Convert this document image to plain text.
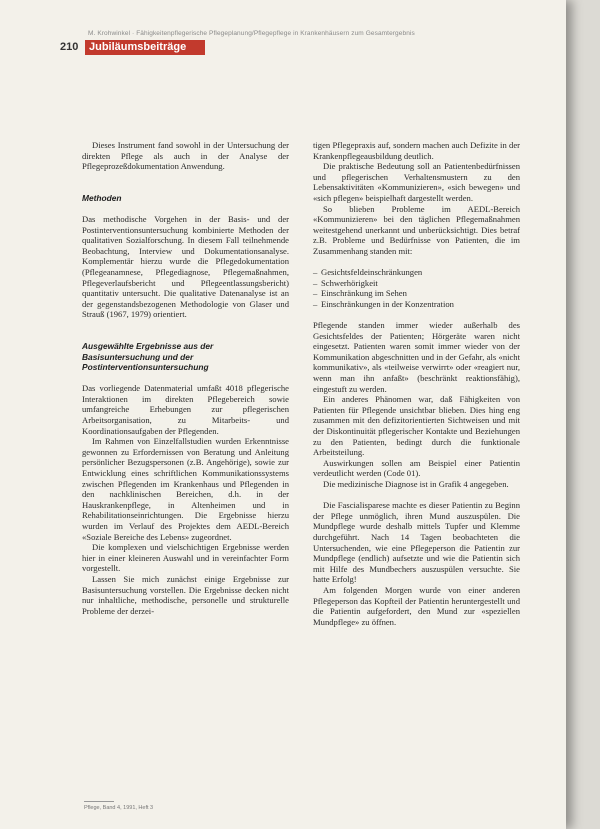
M. Krohwinkel · Fähigkeitenpflegerische Pflegeplanung/Pflegepflege in Krankenhäusern zum Gesamtergebnis
210 Jubiläumsbeiträge

Dieses Instrument fand sowohl in der Untersuchung der direkten Pflege als auch in der Analyse der Pflegeprozeßdokumentation Anwendung.

Methoden

Das methodische Vorgehen in der Basis- und der Postinterventionsuntersuchung kombinierte Methoden der qualitativen Sozialforschung. In diesem Fall teilnehmende Beobachtung, Interview und Dokumentationsanalyse. Komplementär hierzu wurde die Pflegedokumentation (Pflegeanamnese, Pflegediagnose, Pflegemaßnahmen, Pflegeverlaufsbericht und Pflegeentlassungsbericht) quantitativ untersucht. Die qualitative Datenanalyse ist an der gegenstandsbezogenen Methodologie von Glaser und Strauß (1967, 1979) orientiert.

Ausgewählte Ergebnisse aus der Basisuntersuchung und der Postinterventionsuntersuchung

Das vorliegende Datenmaterial umfaßt 4018 pflegerische Interaktionen im direkten Pflegebereich sowie umfangreiche Erhebungen zur pflegerischen Arbeitsorganisation, zu Mitarbeits- und Koordinationsaufgaben der Pflegenden.

Im Rahmen von Einzelfallstudien wurden Erkenntnisse gewonnen zu Erfordernissen von Beratung und Anleitung persönlicher Bezugspersonen (z.B. Angehörige), sowie zur Entwicklung eines schriftlichen Kommunikationssystems zwischen Pflegenden im Krankenhaus und Pflegenden in den nachklinischen Bereichen, d.h. in der Hauskrankenpflege, in Altenheimen und in Rehabilitationseinrichtungen. Die Ergebnisse hierzu wurden im Verlauf des Projektes dem AEDL-Bereich «Soziale Bereiche des Lebens» zugeordnet.

Die komplexen und vielschichtigen Ergebnisse werden hier in einer kleineren Auswahl und in vereinfachter Form vorgestellt.

Lassen Sie mich zunächst einige Ergebnisse zur Basisuntersuchung vorstellen. Die Ergebnisse decken nicht nur inhaltliche, methodische, personelle und strukturelle Probleme der derzei-

tigen Pflegepraxis auf, sondern machen auch Defizite in der Krankenpflegeausbildung deutlich.

Die praktische Bedeutung soll an Patientenbedürfnissen und pflegerischen Verhaltensmustern zu den Lebensaktivitäten «Kommunizieren», «sich bewegen» und «sich pflegen» beispielhaft dargestellt werden.

So blieben Probleme im AEDL-Bereich «Kommunizieren» bei den täglichen Pflegemaßnahmen weitestgehend unerkannt und unberücksichtigt. Dies betraf z.B. Probleme und Bedürfnisse von Patienten, die im Zusammenhang standen mit:

– Gesichtsfeldeinschränkungen
– Schwerhörigkeit
– Einschränkung im Sehen
– Einschränkungen in der Konzentration

Pflegende standen immer wieder außerhalb des Gesichtsfeldes der Patienten; Hörgeräte waren nicht eingesetzt. Patienten waren somit immer wieder von der Kommunikation abgeschnitten und in der Gefahr, als «nicht kommunikativ», als «teilweise verwirrt» oder «reagiert nur, wenn man ihn anfaßt» (beschränkt reaktionsfähig), eingestuft zu werden.

Ein anderes Phänomen war, daß Fähigkeiten von Patienten für Pflegende unsichtbar blieben. Dies hing eng zusammen mit den defizitorientierten Sichtweisen und mit der Diskontinuität pflegerischer Kontakte und Beziehungen zu den Patienten, bedingt durch die funktionale Arbeitsteilung.

Auswirkungen sollen am Beispiel einer Patientin verdeutlicht werden (Code 01).

Die medizinische Diagnose ist in Grafik 4 angegeben.

Die Fascialisparese machte es dieser Patientin zu Beginn der Pflege unmöglich, ihren Mund auszuspülen. Die Mundpflege wurde deshalb mittels Tupfer und Klemme durchgeführt. Nach 14 Tagen beobachteten die Untersuchenden, wie eine Pflegeperson die Patientin zur Mundpflege (endlich) aufsetzte und wie die Patientin sich mit Hilfe des Mundbechers auszuspülen versuchte. Sie hatte Erfolg!

Am folgenden Morgen wurde von einer anderen Pflegeperson das Kopfteil der Patientin heruntergestellt und die Patientin aufgefordert, den Mund zur «speziellen Mundpflege» zu öffnen.

Pflege, Band 4, 1991, Heft 3
